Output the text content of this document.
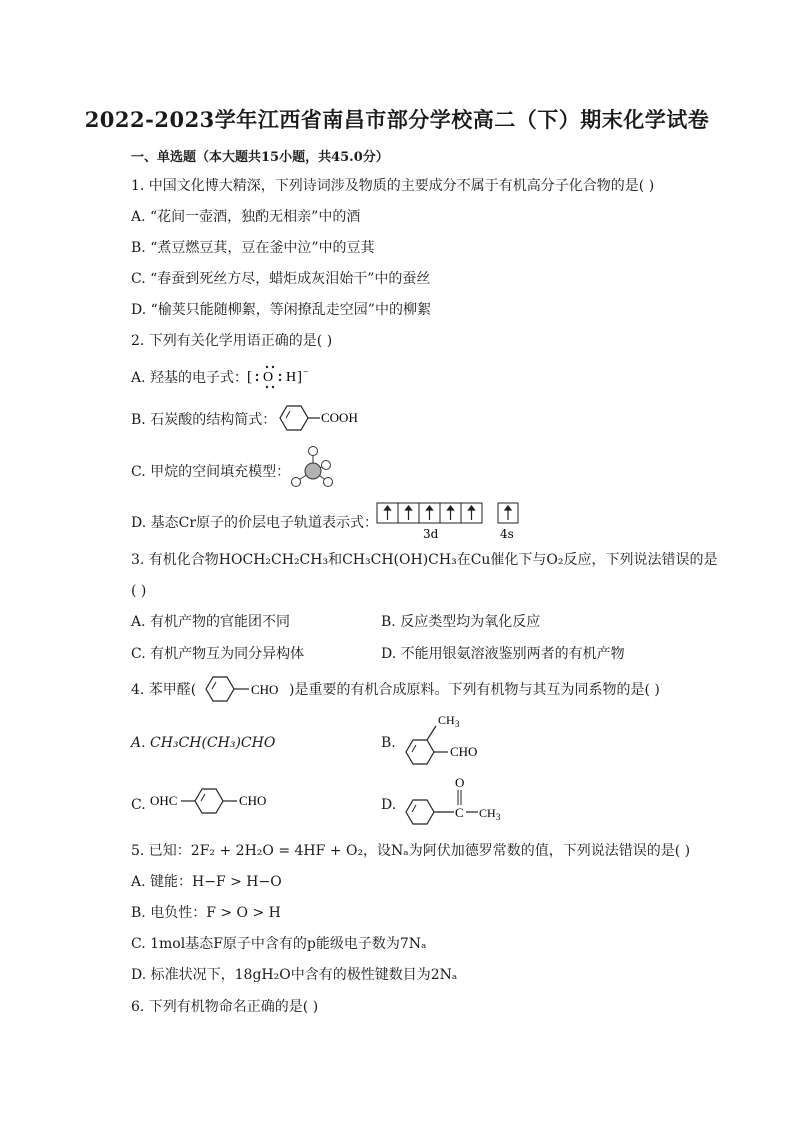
2022-2023学年江西省南昌市部分学校高二（下）期末化学试卷
一、单选题（本大题共15小题，共45.0分）
1. 中国文化博大精深，下列诗词涉及物质的主要成分不属于有机高分子化合物的是( )
A. “花间一壶酒，独酌无相亲”中的酒
B. “煮豆燃豆萁，豆在釜中泣”中的豆萁
C. “春蚕到死丝方尽，蜡炬成灰泪始干”中的蚕丝
D. “榆荚只能随柳絮，等闲撩乱走空园”中的柳絮
2. 下列有关化学用语正确的是( )
A. 羟基的电子式：
[ O H ] −
B. 石炭酸的结构简式：	COOH
C. 甲烷的空间填充模型：
D. 基态Cr原子的价层电子轨道表示式：
3d	4s
3. 有机化合物HOCH₂CH₂CH₃和CH₃CH(OH)CH₃在Cu催化下与O₂反应，下列说法错误的是
( )
A. 有机产物的官能团不同	B. 反应类型均为氧化反应
C. 有机产物互为同分异构体	D. 不能用银氨溶液鉴别两者的有机产物
4. 苯甲醛(	CHO )是重要的有机合成原料。下列有机物与其互为同系物的是( )
A. CH₃CH(CH₃)CHO	B.
CH 3
CHO
C. OHC	CHO	D.	C
O
CH 3
5. 已知：2F₂ + 2H₂O = 4HF + O₂，设Nₐ为阿伏加德罗常数的值，下列说法错误的是( )
A. 键能：H−F > H−O
B. 电负性：F > O > H
C. 1mol基态F原子中含有的p能级电子数为7Nₐ
D. 标准状况下，18gH₂O中含有的极性键数目为2Nₐ
6. 下列有机物命名正确的是( )
